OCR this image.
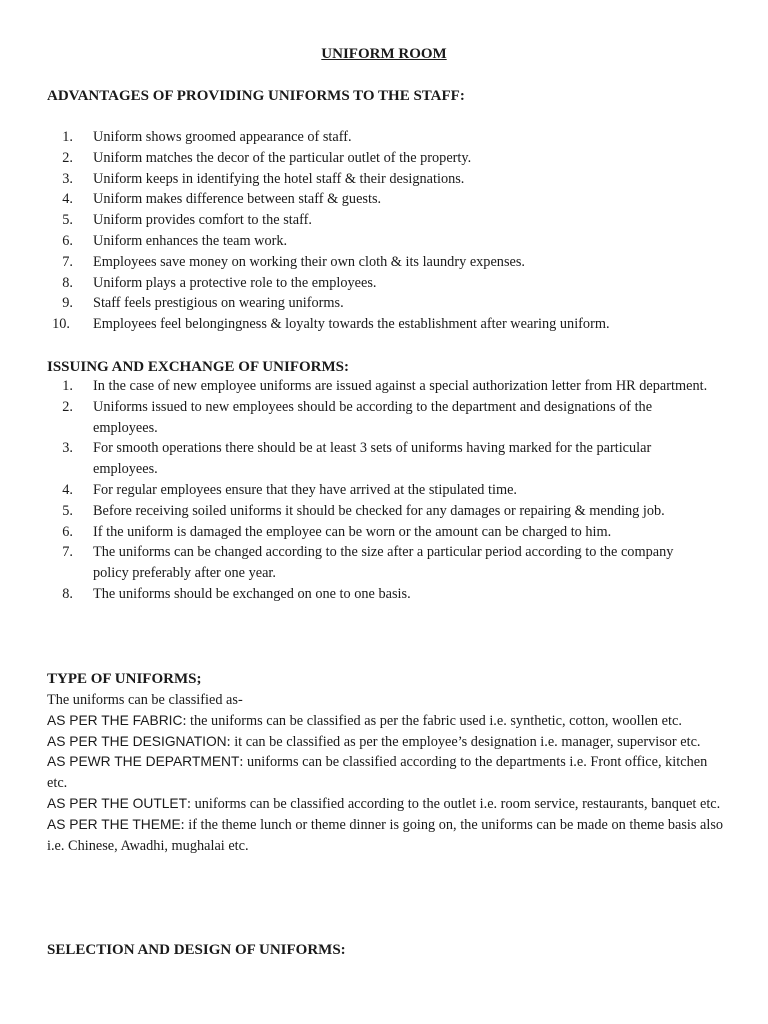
UNIFORM ROOM
ADVANTAGES OF PROVIDING UNIFORMS TO THE STAFF:
1.	Uniform shows groomed appearance of staff.
2.	Uniform matches the decor of the particular outlet of the property.
3.	Uniform keeps in identifying the hotel staff & their designations.
4.	Uniform makes difference between staff & guests.
5.	Uniform provides comfort to the staff.
6.	Uniform enhances the team work.
7.	Employees save money on working their own cloth & its laundry expenses.
8.	Uniform plays a protective role to the employees.
9.	Staff feels prestigious on wearing uniforms.
10.	Employees feel belongingness & loyalty towards the establishment after wearing uniform.
ISSUING AND EXCHANGE OF UNIFORMS:
1.	In the case of new employee uniforms are issued against a special authorization letter from HR department.
2.	Uniforms issued to new employees should be according to the department and designations of the employees.
3.	For smooth operations there should be at least 3 sets of uniforms having marked for the particular employees.
4.	For regular employees ensure that they have arrived at the stipulated time.
5.	Before receiving soiled uniforms it should be checked for any damages or repairing & mending job.
6.	If the uniform is damaged the employee can be worn or the amount can be charged to him.
7.	The uniforms can be changed according to the size after a particular period according to the company policy preferably after one year.
8.	The uniforms should be exchanged on one to one basis.
TYPE OF UNIFORMS;

The uniforms can be classified as-

AS PER THE FABRIC: the uniforms can be classified as per the fabric used i.e. synthetic, cotton, woollen etc.

AS PER THE DESIGNATION: it can be classified as per the employee’s designation i.e. manager, supervisor etc.

AS PEWR THE DEPARTMENT: uniforms can be classified according to the departments i.e. Front office, kitchen etc.

AS PER THE OUTLET: uniforms can be classified according to the outlet i.e. room service, restaurants, banquet etc.

AS PER THE THEME: if the theme lunch or theme dinner is going on, the uniforms can be made on theme basis also i.e. Chinese, Awadhi, mughalai etc.

SELECTION AND DESIGN OF UNIFORMS:
